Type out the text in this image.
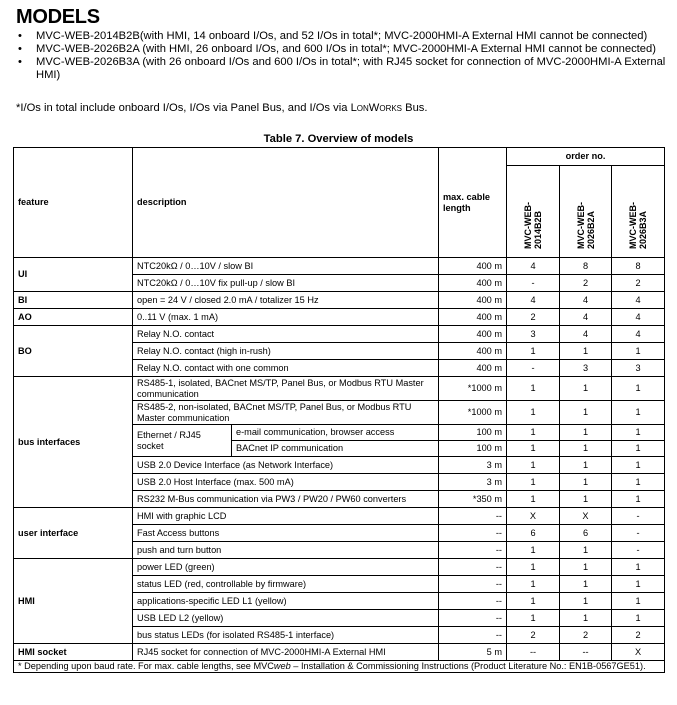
MODELS
• MVC-WEB-2014B2B(with HMI, 14 onboard I/Os, and 52 I/Os in total*; MVC-2000HMI-A External HMI cannot be connected)
• MVC-WEB-2026B2A (with HMI, 26 onboard I/Os, and 600 I/Os in total*; MVC-2000HMI-A External HMI cannot be connected)
• MVC-WEB-2026B3A (with 26 onboard I/Os and 600 I/Os in total*; with RJ45 socket for connection of MVC-2000HMI-A External HMI)
*I/Os in total include onboard I/Os, I/Os via Panel Bus, and I/Os via LonWorks Bus.
Table 7. Overview of models
feature	description		max. cable length	order no.		
				MVC-WEB-2014B2B	MVC-WEB-2026B2A	MVC-WEB-2026B3A
UI	NTC20kΩ / 0…10V / slow BI		400 m	4	8	8
	NTC20kΩ / 0…10V fix pull-up / slow BI		400 m	-	2	2
BI	open = 24 V / closed 2.0 mA / totalizer 15 Hz		400 m	4	4	4
AO	0..11 V (max. 1 mA)		400 m	2	4	4
BO	Relay N.O. contact		400 m	3	4	4
	Relay N.O. contact (high in-rush)		400 m	1	1	1
	Relay N.O. contact with one common		400 m	-	3	3
bus interfaces	RS485-1, isolated, BACnet MS/TP, Panel Bus, or Modbus RTU Master communication		*1000 m	1	1	1
	RS485-2, non-isolated, BACnet MS/TP, Panel Bus, or Modbus RTU Master communication		*1000 m	1	1	1
	Ethernet / RJ45 socket	e-mail communication, browser access	100 m	1	1	1
		BACnet IP communication	100 m	1	1	1
	USB 2.0 Device Interface (as Network Interface)		3 m	1	1	1
	USB 2.0 Host Interface (max. 500 mA)		3 m	1	1	1
	RS232 M-Bus communication via PW3 / PW20 / PW60 converters		*350 m	1	1	1
user interface	HMI with graphic LCD		--	X	X	-
	Fast Access buttons		--	6	6	-
	push and turn button		--	1	1	-
HMI	power LED (green)		--	1	1	1
	status LED (red, controllable by firmware)		--	1	1	1
	applications-specific LED L1 (yellow)		--	1	1	1
	USB LED L2 (yellow)		--	1	1	1
	bus status LEDs (for isolated RS485-1 interface)		--	2	2	2
HMI socket	RJ45 socket for connection of MVC-2000HMI-A External HMI		5 m	--	--	X
* Depending upon baud rate. For max. cable lengths, see MVCweb – Installation & Commissioning Instructions (Product Literature No.: EN1B-0567GE51).						
